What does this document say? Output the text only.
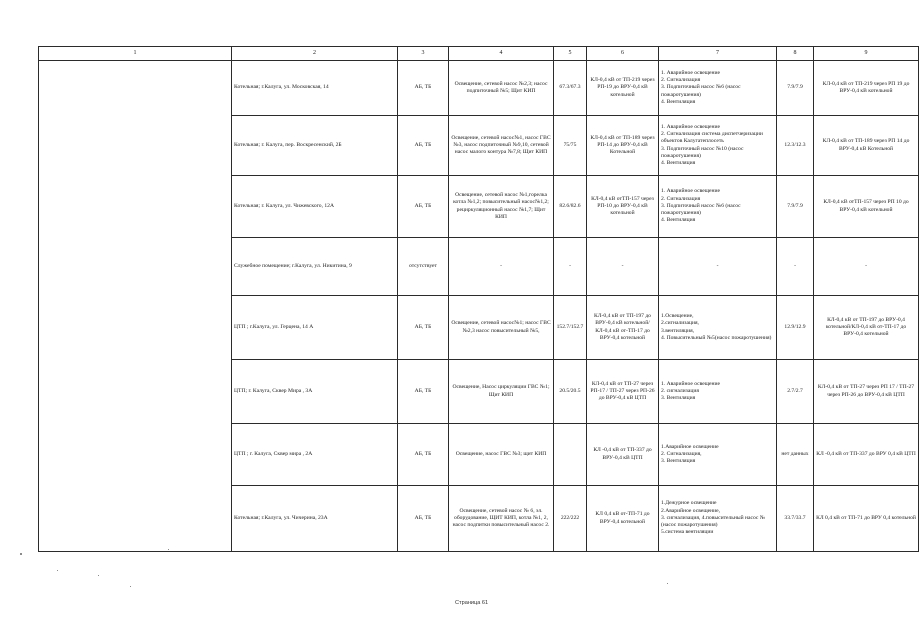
1	2	3	4	5	6	7	8	9
	Котельная; г.Калуга, ул. Московская, 14	АБ, ТБ	Освещение, сетевой насос №2,3; насос подпиточный №5; Щит КИП	67.3/67.3	КЛ-0,4 кВ от ТП-219 через РП-19 до ВРУ-0,4 кВ котельной	1. Аварийное освещение
2. Сигнализация
3. Подпиточный насос №6 (насос пожаротушения)
4. Вентиляция	7.9/7.9	КЛ-0,4 кВ от ТП-219 через РП 19 до ВРУ-0,4 кВ котельной
	Котельная; г. Калуга, пер. Воскресенский, 2Б	АБ, ТБ	Освещение, сетевой насос№1, насос ГВС №3, насос подпиточный №9,10, сетевой насос малого контура №7,8; Щит КИП	75/75	КЛ-0,4 кВ от ТП-189 через РП-14 до ВРУ-0,4 кВ Котельной	1. Аварийное освещение
2. Сигнализация система диспетчеризации объектов Калугатеплосеть
3. Подпиточный насос №10 (насос пожаротушения)
4. Вентиляция	12.3/12.3	КЛ-0,4 кВ от ТП-189 через РП 14 до ВРУ-0,4 кВ Котельной
	Котельная; г. Калуга, ул. Чижевского, 12А	АБ, ТБ	Освещение, сетевой насос №1,горелка котла №1,2; повысительный насос№1,2; рециркуляционный насос №1,7; Щит КИП	82.6/82.6	КЛ-0,4 кВ отТП-157 через РП-10 до ВРУ-0,4 кВ котельной	1. Аварийное освещение
2. Сигнализация
3. Подпиточный насос №6 (насос пожаротушения)
4. Вентиляция	7.9/7.9	КЛ-0,4 кВ отТП-157 через РП 10 до ВРУ-0,4 кВ котельной
	Служебное помещение; г.Калуга, ул. Никитина, 9	отсутствует	-	-	-	-	-	-
	ЦТП ; г.Калуга, ул. Герцена, 14 А	АБ, ТБ	Освещение, сетевой насос№1; насос ГВС №2,3 насос повысительный №5,	152.7/152.7	КЛ-0,4 кВ от ТП-197 до ВРУ-0,4 кВ котельной/КЛ-0,4 кВ от-ТП-17 до ВРУ-0,4 котельной	1.Освещение,
2.сигнализация,
3.вентиляция,
4. Повысительный №5(насос пожаротушения)	12.9/12.9	КЛ-0,4 кВ от ТП-197 до ВРУ-0,4 котельной/КЛ-0,4 кВ от-ТП-17 до ВРУ-0,4 котельной
	ЦТП; г. Калуга, Сквер Мира , 3А	АБ, ТБ	Освещение, Насос циркуляции ГВС №1; Щит КИП	20.5/20.5	КЛ-0,4 кВ от ТП-27 через РП-17 / ТП-27 через РП-26 до ВРУ-0,4 кВ ЦТП	1. Аварийное освещение
2. сигнализация
3. Вентиляция	2.7/2.7	КЛ-0,4 кВ от ТП-27 через РП 17 / ТП-27 через РП-26 до ВРУ-0,4 кВ ЦТП
	ЦТП ; г. Калуга, Сквер мира , 2А	АБ, ТБ	Освещение, насос ГВС №3; щит КИП		КЛ -0,4 кВ от ТП-337 до ВРУ-0,4 кВ ЦТП	1.Аварийное освещение
2. Сигнализация,
3. Вентиляция	нет данных	КЛ -0,4 кВ от ТП-337 до ВРУ 0,4 кВ ЦТП
	Котельная; г.Калуга, ул. Чичерина, 23А	АБ, ТБ	Освещение, сетевой насос № 6, эл. оборудование, ЩИТ КИП, котла №1, 2, насос подпитки повысительный насос 2.	222/222	КЛ 0,4 кВ от-ТП-71 до ВРУ-0,4 котельной	1.Дежурное освещение
2.Аварийное освещение,
3. сигнализация, 4.повысительный насос №(насос пожаротушения)
5.система вентиляции	33.7/33.7	КЛ 0,4 кВ от ТП-71 до ВРУ 0,4 котельной
Страница 61
